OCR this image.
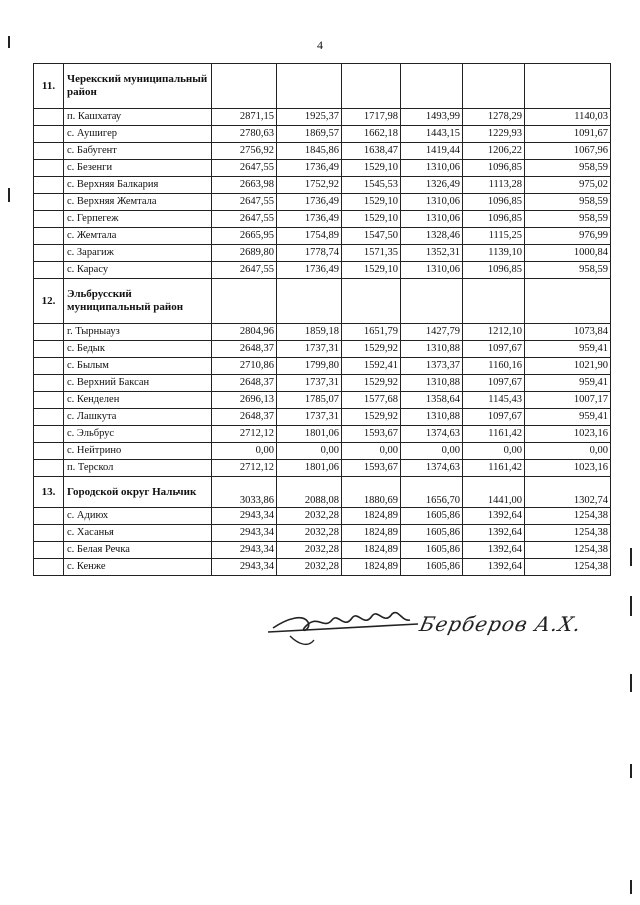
4
11.	Черекский муниципальный район						
	п. Кашхатау	2871,15	1925,37	1717,98	1493,99	1278,29	1140,03
	с. Аушигер	2780,63	1869,57	1662,18	1443,15	1229,93	1091,67
	с. Бабугент	2756,92	1845,86	1638,47	1419,44	1206,22	1067,96
	с. Безенги	2647,55	1736,49	1529,10	1310,06	1096,85	958,59
	с. Верхняя Балкария	2663,98	1752,92	1545,53	1326,49	1113,28	975,02
	с. Верхняя Жемтала	2647,55	1736,49	1529,10	1310,06	1096,85	958,59
	с. Герпегеж	2647,55	1736,49	1529,10	1310,06	1096,85	958,59
	с. Жемтала	2665,95	1754,89	1547,50	1328,46	1115,25	976,99
	с. Зарагиж	2689,80	1778,74	1571,35	1352,31	1139,10	1000,84
	с. Карасу	2647,55	1736,49	1529,10	1310,06	1096,85	958,59
12.	Эльбрусский муниципальный район						
	г. Тырныауз	2804,96	1859,18	1651,79	1427,79	1212,10	1073,84
	с. Бедык	2648,37	1737,31	1529,92	1310,88	1097,67	959,41
	с. Былым	2710,86	1799,80	1592,41	1373,37	1160,16	1021,90
	с. Верхний Баксан	2648,37	1737,31	1529,92	1310,88	1097,67	959,41
	с. Кенделен	2696,13	1785,07	1577,68	1358,64	1145,43	1007,17
	с. Лашкута	2648,37	1737,31	1529,92	1310,88	1097,67	959,41
	с. Эльбрус	2712,12	1801,06	1593,67	1374,63	1161,42	1023,16
	с. Нейтрино	0,00	0,00	0,00	0,00	0,00	0,00
	п. Терскол	2712,12	1801,06	1593,67	1374,63	1161,42	1023,16
13.	Городской округ Нальчик	3033,86	2088,08	1880,69	1656,70	1441,00	1302,74
	с. Адиюх	2943,34	2032,28	1824,89	1605,86	1392,64	1254,38
	с. Хасанья	2943,34	2032,28	1824,89	1605,86	1392,64	1254,38
	с. Белая Речка	2943,34	2032,28	1824,89	1605,86	1392,64	1254,38
	с. Кенже	2943,34	2032,28	1824,89	1605,86	1392,64	1254,38
Берберов А.Х.
